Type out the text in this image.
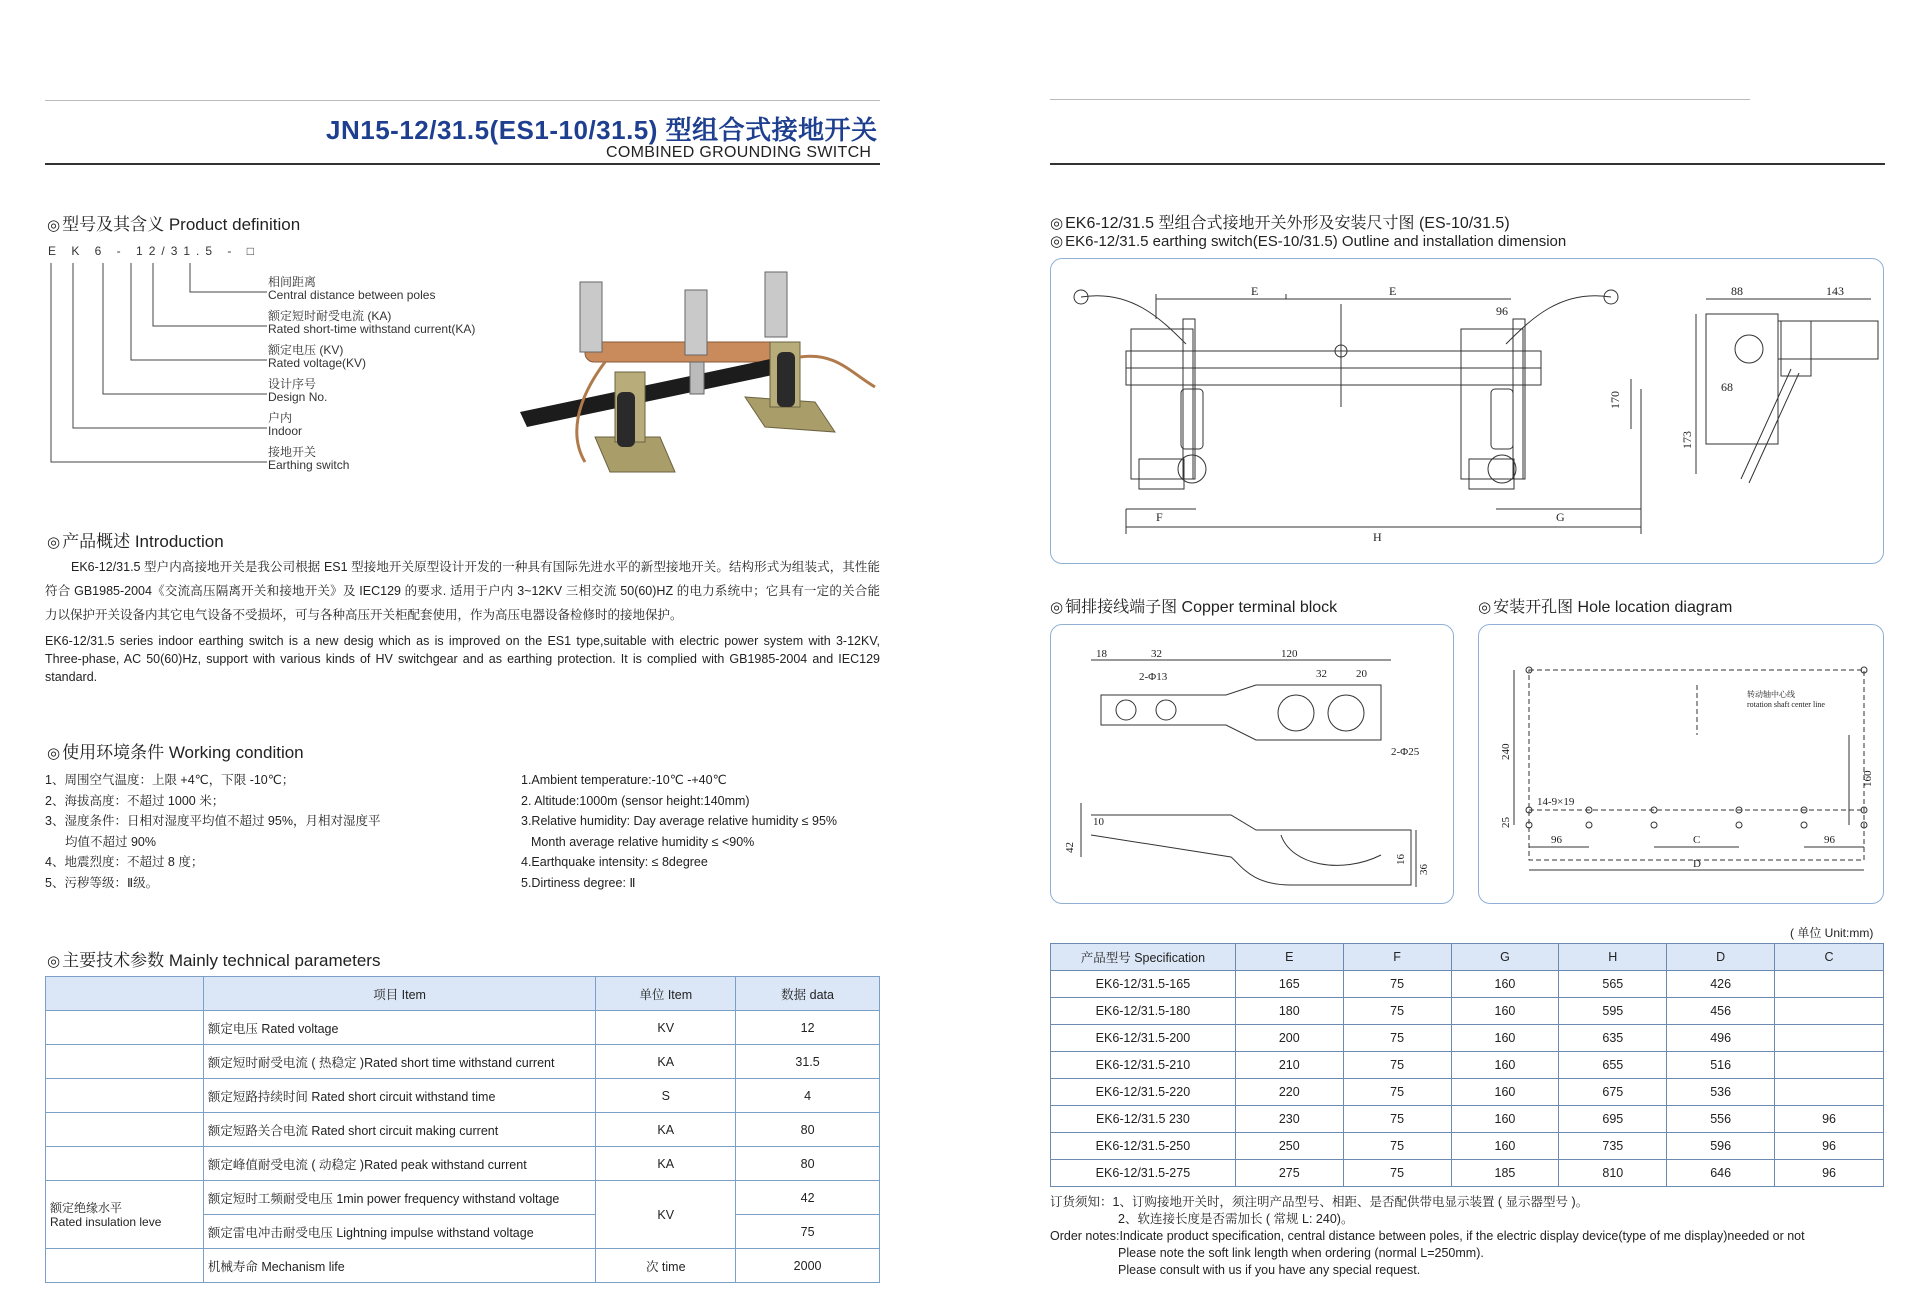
JN15-12/31.5(ES1-10/31.5) 型组合式接地开关
COMBINED GROUNDING SWITCH
◎ 型号及其含义 Product definition
E K 6 - 12/31.5 - □
相间距离
Central distance between poles
额定短时耐受电流 (KA)
Rated short-time withstand current(KA)
额定电压 (KV)
Rated voltage(KV)
设计序号
Design No.
户内
Indoor
接地开关
Earthing switch
◎ 产品概述 Introduction
EK6-12/31.5 型户内高接地开关是我公司根据 ES1 型接地开关原型设计开发的一种具有国际先进水平的新型接地开关。结构形式为组装式，其性能符合 GB1985-2004《交流高压隔离开关和接地开关》及 IEC129 的要求. 适用于户内 3~12KV 三相交流 50(60)HZ 的电力系统中；它具有一定的关合能力以保护开关设备内其它电气设备不受损坏，可与各种高压开关柜配套使用，作为高压电器设备检修时的接地保护。
EK6-12/31.5 series indoor earthing switch is a new desig which as is improved on the ES1 type,suitable with electric power system with 3-12KV, Three-phase, AC 50(60)Hz, support with various kinds of HV switchgear and as earthing protection. It is complied with GB1985-2004 and IEC129 standard.
◎ 使用环境条件 Working condition
1、周围空气温度：上限 +4℃，下限 -10℃；
2、海拔高度：不超过 1000 米；
3、湿度条件：日相对湿度平均值不超过 95%，月相对湿度平
均值不超过 90%
4、地震烈度：不超过 8 度；
5、污秽等级：Ⅱ级。
1.Ambient temperature:-10℃ -+40℃
2. Altitude:1000m (sensor height:140mm)
3.Relative humidity: Day average relative humidity ≤ 95%
Month average relative humidity ≤ <90%
4.Earthquake intensity: ≤ 8degree
5.Dirtiness degree: Ⅱ
◎ 主要技术参数 Mainly technical parameters
	项目 Item	单位 Item	数据 data
	额定电压 Rated voltage	KV	12
	额定短时耐受电流 ( 热稳定 )Rated short time withstand current	KA	31.5
	额定短路持续时间 Rated short circuit withstand time	S	4
	额定短路关合电流 Rated short circuit making current	KA	80
	额定峰值耐受电流 ( 动稳定 )Rated peak withstand current	KA	80

额定绝缘水平
Rated insulation leve	额定短时工频耐受电压 1min power frequency withstand voltage	KV	42
	额定雷电冲击耐受电压 Lightning impulse withstand voltage		75
	机械寿命 Mechanism life	次 time	2000
◎ EK6-12/31.5 型组合式接地开关外形及安装尺寸图 (ES-10/31.5)
◎ EK6-12/31.5 earthing switch(ES-10/31.5) Outline and installation dimension
E	E
96
170
F	G
H
88	143
68
173
◎ 铜排接线端子图 Copper terminal block
18	32	120
32	20
2-Φ13
2-Φ25
10
42
16
36
◎ 安装开孔图 Hole location diagram
转动轴中心线
rotation shaft center line
240
160
14-9×19
25
96	C	96
D
( 单位 Unit:mm)
产品型号 Specification	E	F	G	H	D	C
EK6-12/31.5-165	165	75	160	565	426	
EK6-12/31.5-180	180	75	160	595	456	
EK6-12/31.5-200	200	75	160	635	496	
EK6-12/31.5-210	210	75	160	655	516	
EK6-12/31.5-220	220	75	160	675	536	
EK6-12/31.5 230	230	75	160	695	556	96
EK6-12/31.5-250	250	75	160	735	596	96
EK6-12/31.5-275	275	75	185	810	646	96
订货须知：1、订购接地开关时，须注明产品型号、相距、是否配供带电显示装置 ( 显示器型号 )。
2、软连接长度是否需加长 ( 常规 L: 240)。
Order notes:Indicate product specification, central distance between poles, if the electric display device(type of me display)needed or not
Please note the soft link length when ordering (normal L=250mm).
Please consult with us if you have any special request.
